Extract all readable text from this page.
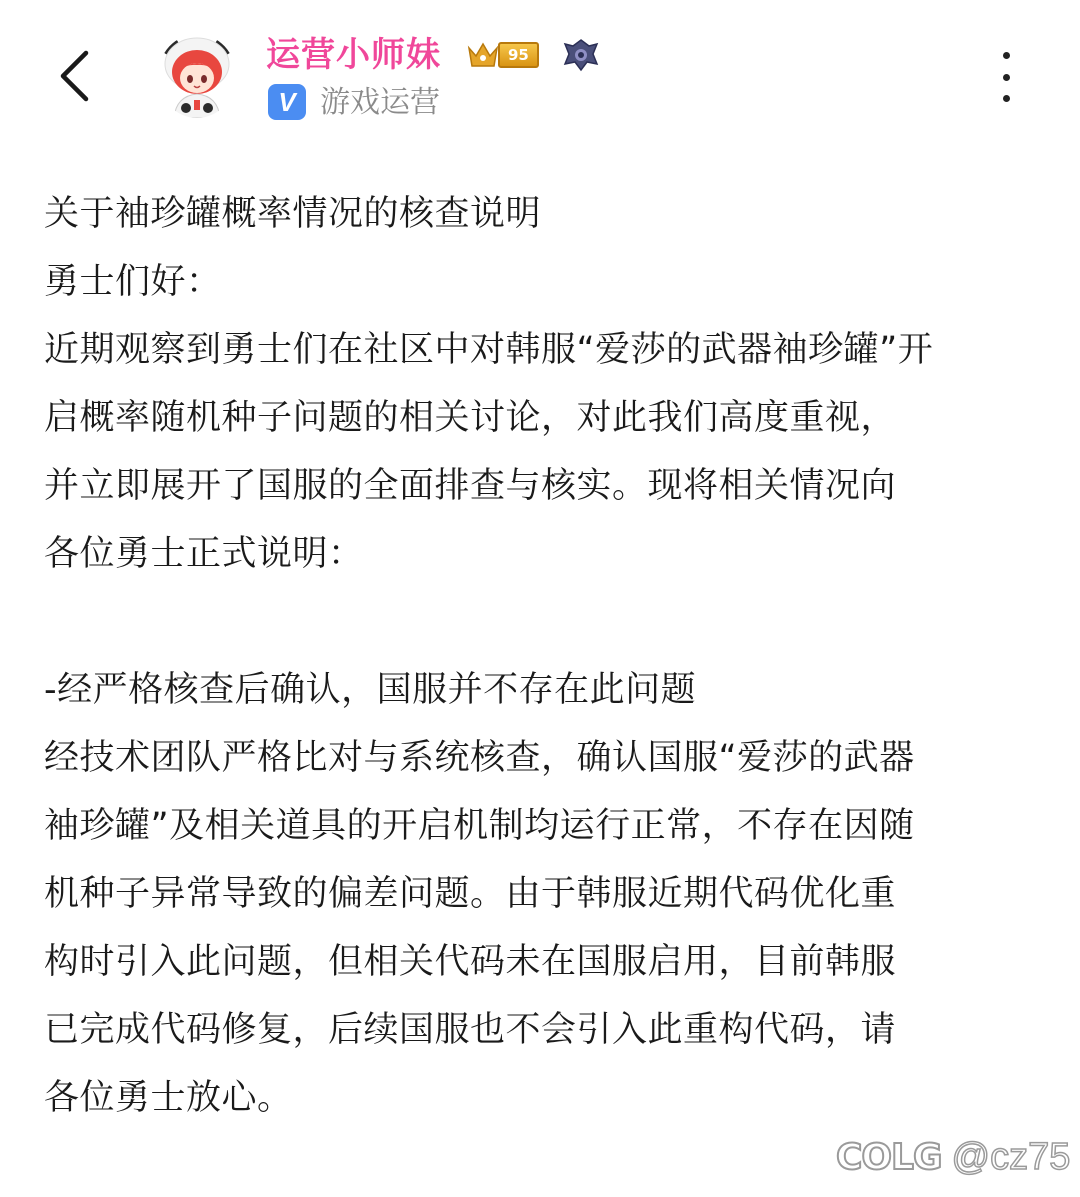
运营小师妹	95
V 游戏运营
关于袖珍罐概率情况的核查说明
勇士们好：
近期观察到勇士们在社区中对韩服“爱莎的武器袖珍罐”开
启概率随机种子问题的相关讨论，对此我们高度重视，
并立即展开了国服的全面排查与核实。现将相关情况向
各位勇士正式说明：
-经严格核查后确认，国服并不存在此问题
经技术团队严格比对与系统核查，确认国服“爱莎的武器
袖珍罐”及相关道具的开启机制均运行正常，不存在因随
机种子异常导致的偏差问题。由于韩服近期代码优化重
构时引入此问题，但相关代码未在国服启用，目前韩服
已完成代码修复，后续国服也不会引入此重构代码，请
各位勇士放心。
COLG @cz75
